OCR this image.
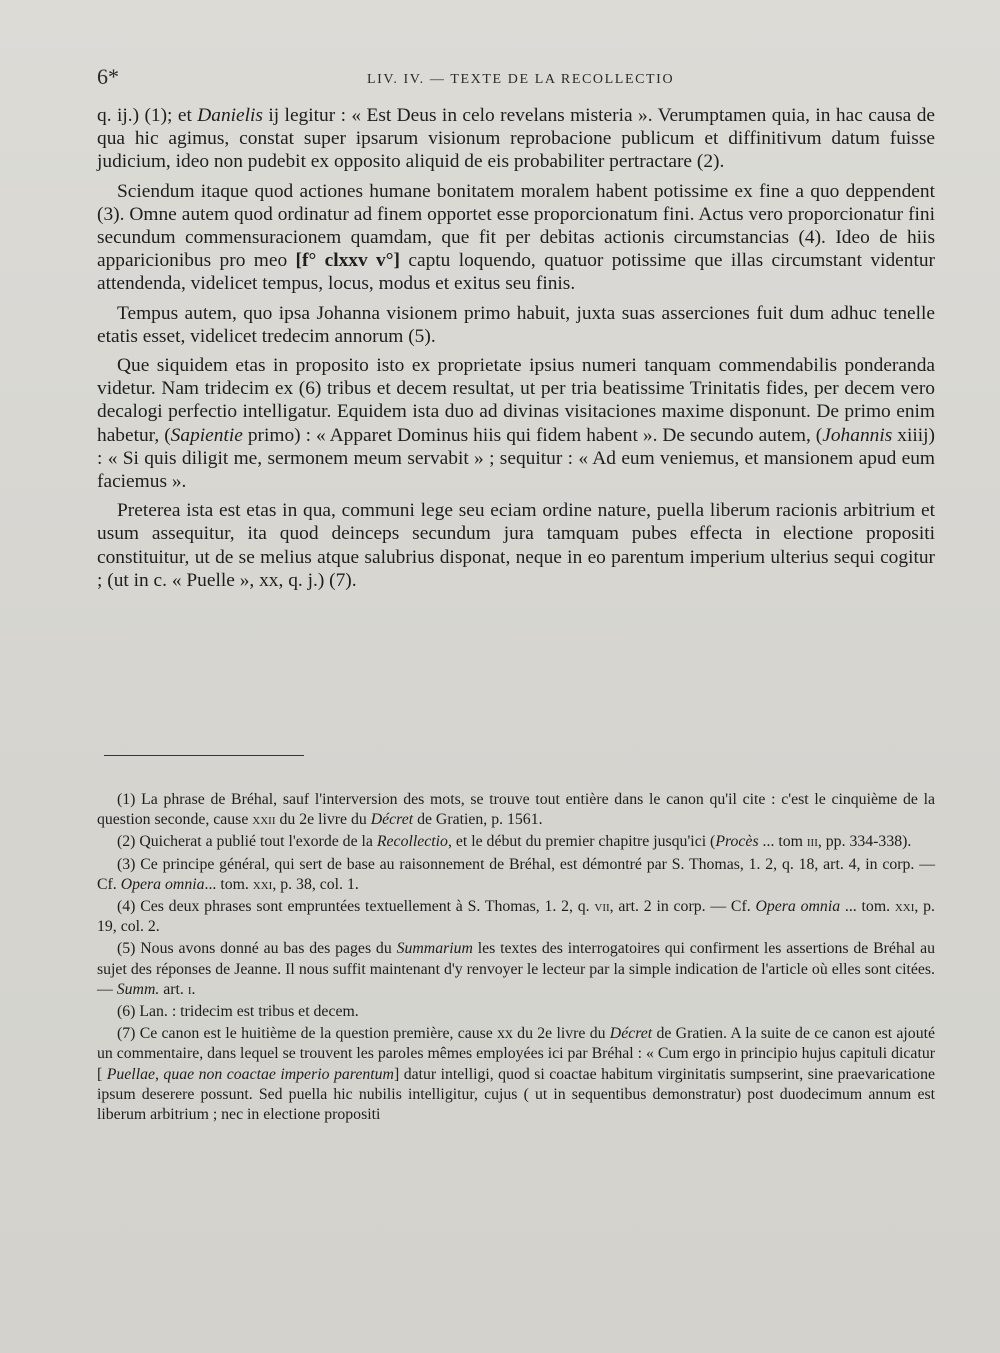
6*	LIV. IV. — TEXTE DE LA RECOLLECTIO

q. ij.) (1); et Danielis ij legitur : « Est Deus in celo revelans misteria ». Verumptamen quia, in hac causa de qua hic agimus, constat super ipsarum visionum reprobacione publicum et diffinitivum datum fuisse judicium, ideo non pudebit ex opposito aliquid de eis probabiliter pertractare (2).

Sciendum itaque quod actiones humane bonitatem moralem habent potissime ex fine a quo deppendent (3). Omne autem quod ordinatur ad finem opportet esse proporcionatum fini. Actus vero proporcionatur fini secundum commensuracionem quamdam, que fit per debitas actionis circumstancias (4). Ideo de hiis apparicionibus pro meo [f° clxxv v°] captu loquendo, quatuor potissime que illas circumstant videntur attendenda, videlicet tempus, locus, modus et exitus seu finis.

Tempus autem, quo ipsa Johanna visionem primo habuit, juxta suas asserciones fuit dum adhuc tenelle etatis esset, videlicet tredecim annorum (5).

Que siquidem etas in proposito isto ex proprietate ipsius numeri tanquam commendabilis ponderanda videtur. Nam tridecim ex (6) tribus et decem resultat, ut per tria beatissime Trinitatis fides, per decem vero decalogi perfectio intelligatur. Equidem ista duo ad divinas visitaciones maxime disponunt. De primo enim habetur, (Sapientie primo) : « Apparet Dominus hiis qui fidem habent ». De secundo autem, (Johannis xiiij) : « Si quis diligit me, sermonem meum servabit » ; sequitur : « Ad eum veniemus, et mansionem apud eum faciemus ».

Preterea ista est etas in qua, communi lege seu eciam ordine nature, puella liberum racionis arbitrium et usum assequitur, ita quod deinceps secundum jura tamquam pubes effecta in electione propositi constituitur, ut de se melius atque salubrius disponat, neque in eo parentum imperium ulterius sequi cogitur ; (ut in c. « Puelle », xx, q. j.) (7).

(1) La phrase de Bréhal, sauf l'interversion des mots, se trouve tout entière dans le canon qu'il cite : c'est le cinquième de la question seconde, cause xxii du 2e livre du Décret de Gratien, p. 1561.

(2) Quicherat a publié tout l'exorde de la Recollectio, et le début du premier chapitre jusqu'ici (Procès ... tom iii, pp. 334-338).

(3) Ce principe général, qui sert de base au raisonnement de Bréhal, est démontré par S. Thomas, 1. 2, q. 18, art. 4, in corp. — Cf. Opera omnia... tom. xxi, p. 38, col. 1.

(4) Ces deux phrases sont empruntées textuellement à S. Thomas, 1. 2, q. vii, art. 2 in corp. — Cf. Opera omnia ... tom. xxi, p. 19, col. 2.

(5) Nous avons donné au bas des pages du Summarium les textes des interrogatoires qui confirment les assertions de Bréhal au sujet des réponses de Jeanne. Il nous suffit maintenant d'y renvoyer le lecteur par la simple indication de l'article où elles sont citées. — Summ. art. i.

(6) Lan. : tridecim est tribus et decem.

(7) Ce canon est le huitième de la question première, cause xx du 2e livre du Décret de Gratien. A la suite de ce canon est ajouté un commentaire, dans lequel se trouvent les paroles mêmes employées ici par Bréhal : « Cum ergo in principio hujus capituli dicatur [ Puellae, quae non coactae imperio parentum] datur intelligi, quod si coactae habitum virginitatis sumpserint, sine praevaricatione ipsum deserere possunt. Sed puella hic nubilis intelligitur, cujus ( ut in sequentibus demonstratur) post duodecimum annum est liberum arbitrium ; nec in electione propositi
